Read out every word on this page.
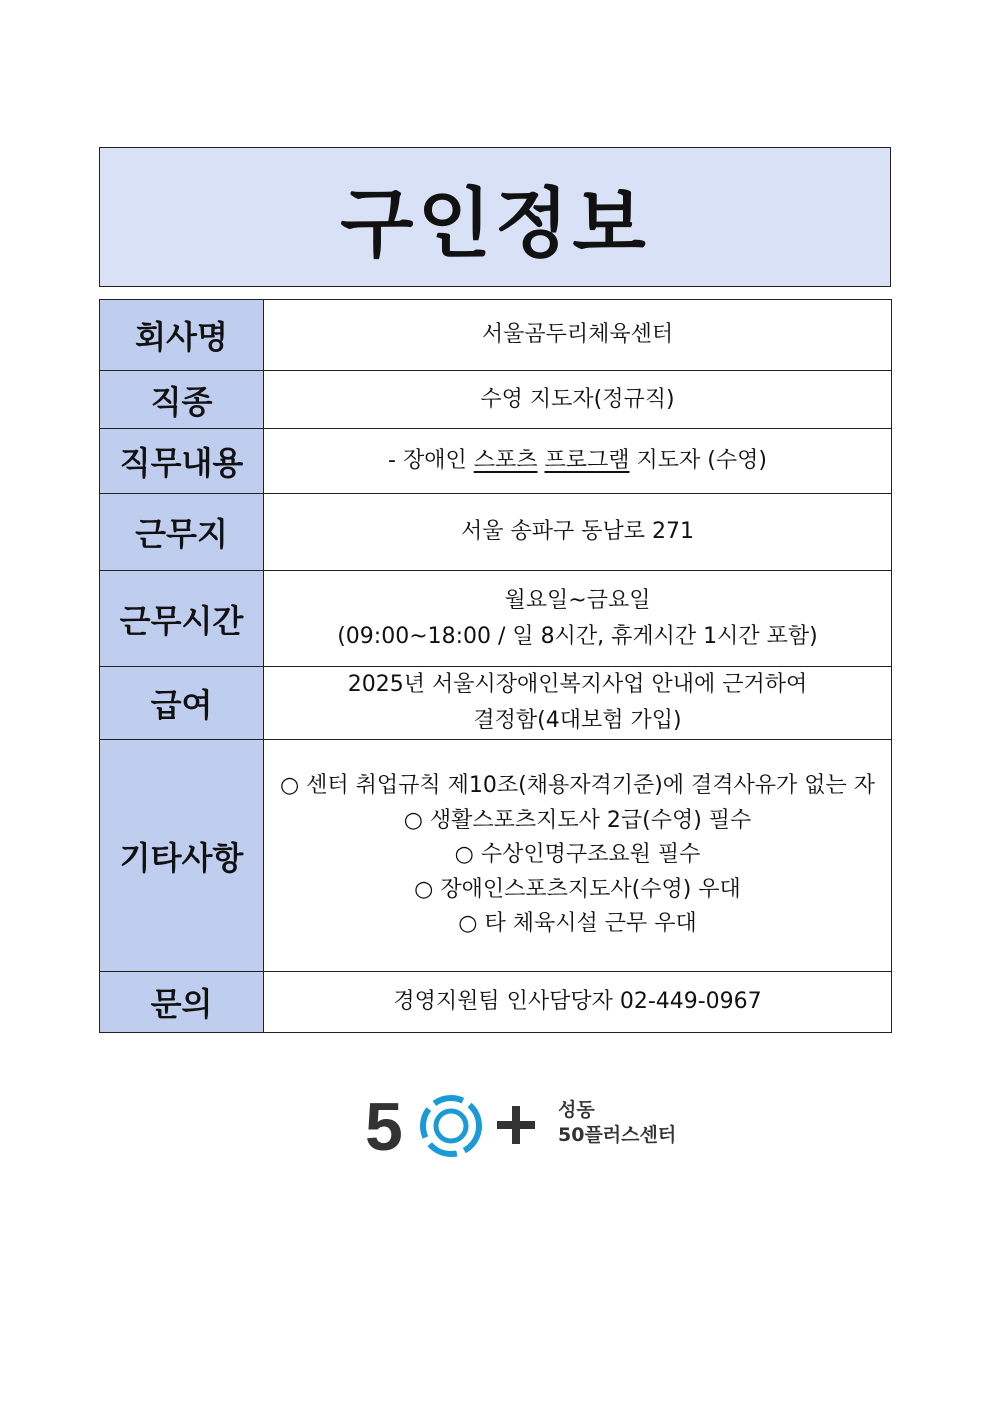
구인정보
회사명	서울곰두리체육센터
직종	수영 지도자(정규직)
직무내용	- 장애인 스포츠 프로그램 지도자 (수영)
근무지	서울 송파구 동남로 271
근무시간	월요일~금요일
(09:00~18:00 / 일 8시간, 휴게시간 1시간 포함)

급여	2025년 서울시장애인복지사업 안내에 근거하여
결정함(4대보험 가입)

기타사항	○ 센터 취업규칙 제10조(채용자격기준)에 결격사유가 없는 자
○ 생활스포츠지도사 2급(수영) 필수
○ 수상인명구조요원 필수
○ 장애인스포츠지도사(수영) 우대
○ 타 체육시설 근무 우대

문의	경영지원팀 인사담당자 02-449-0967
5	성동
50플러스센터
